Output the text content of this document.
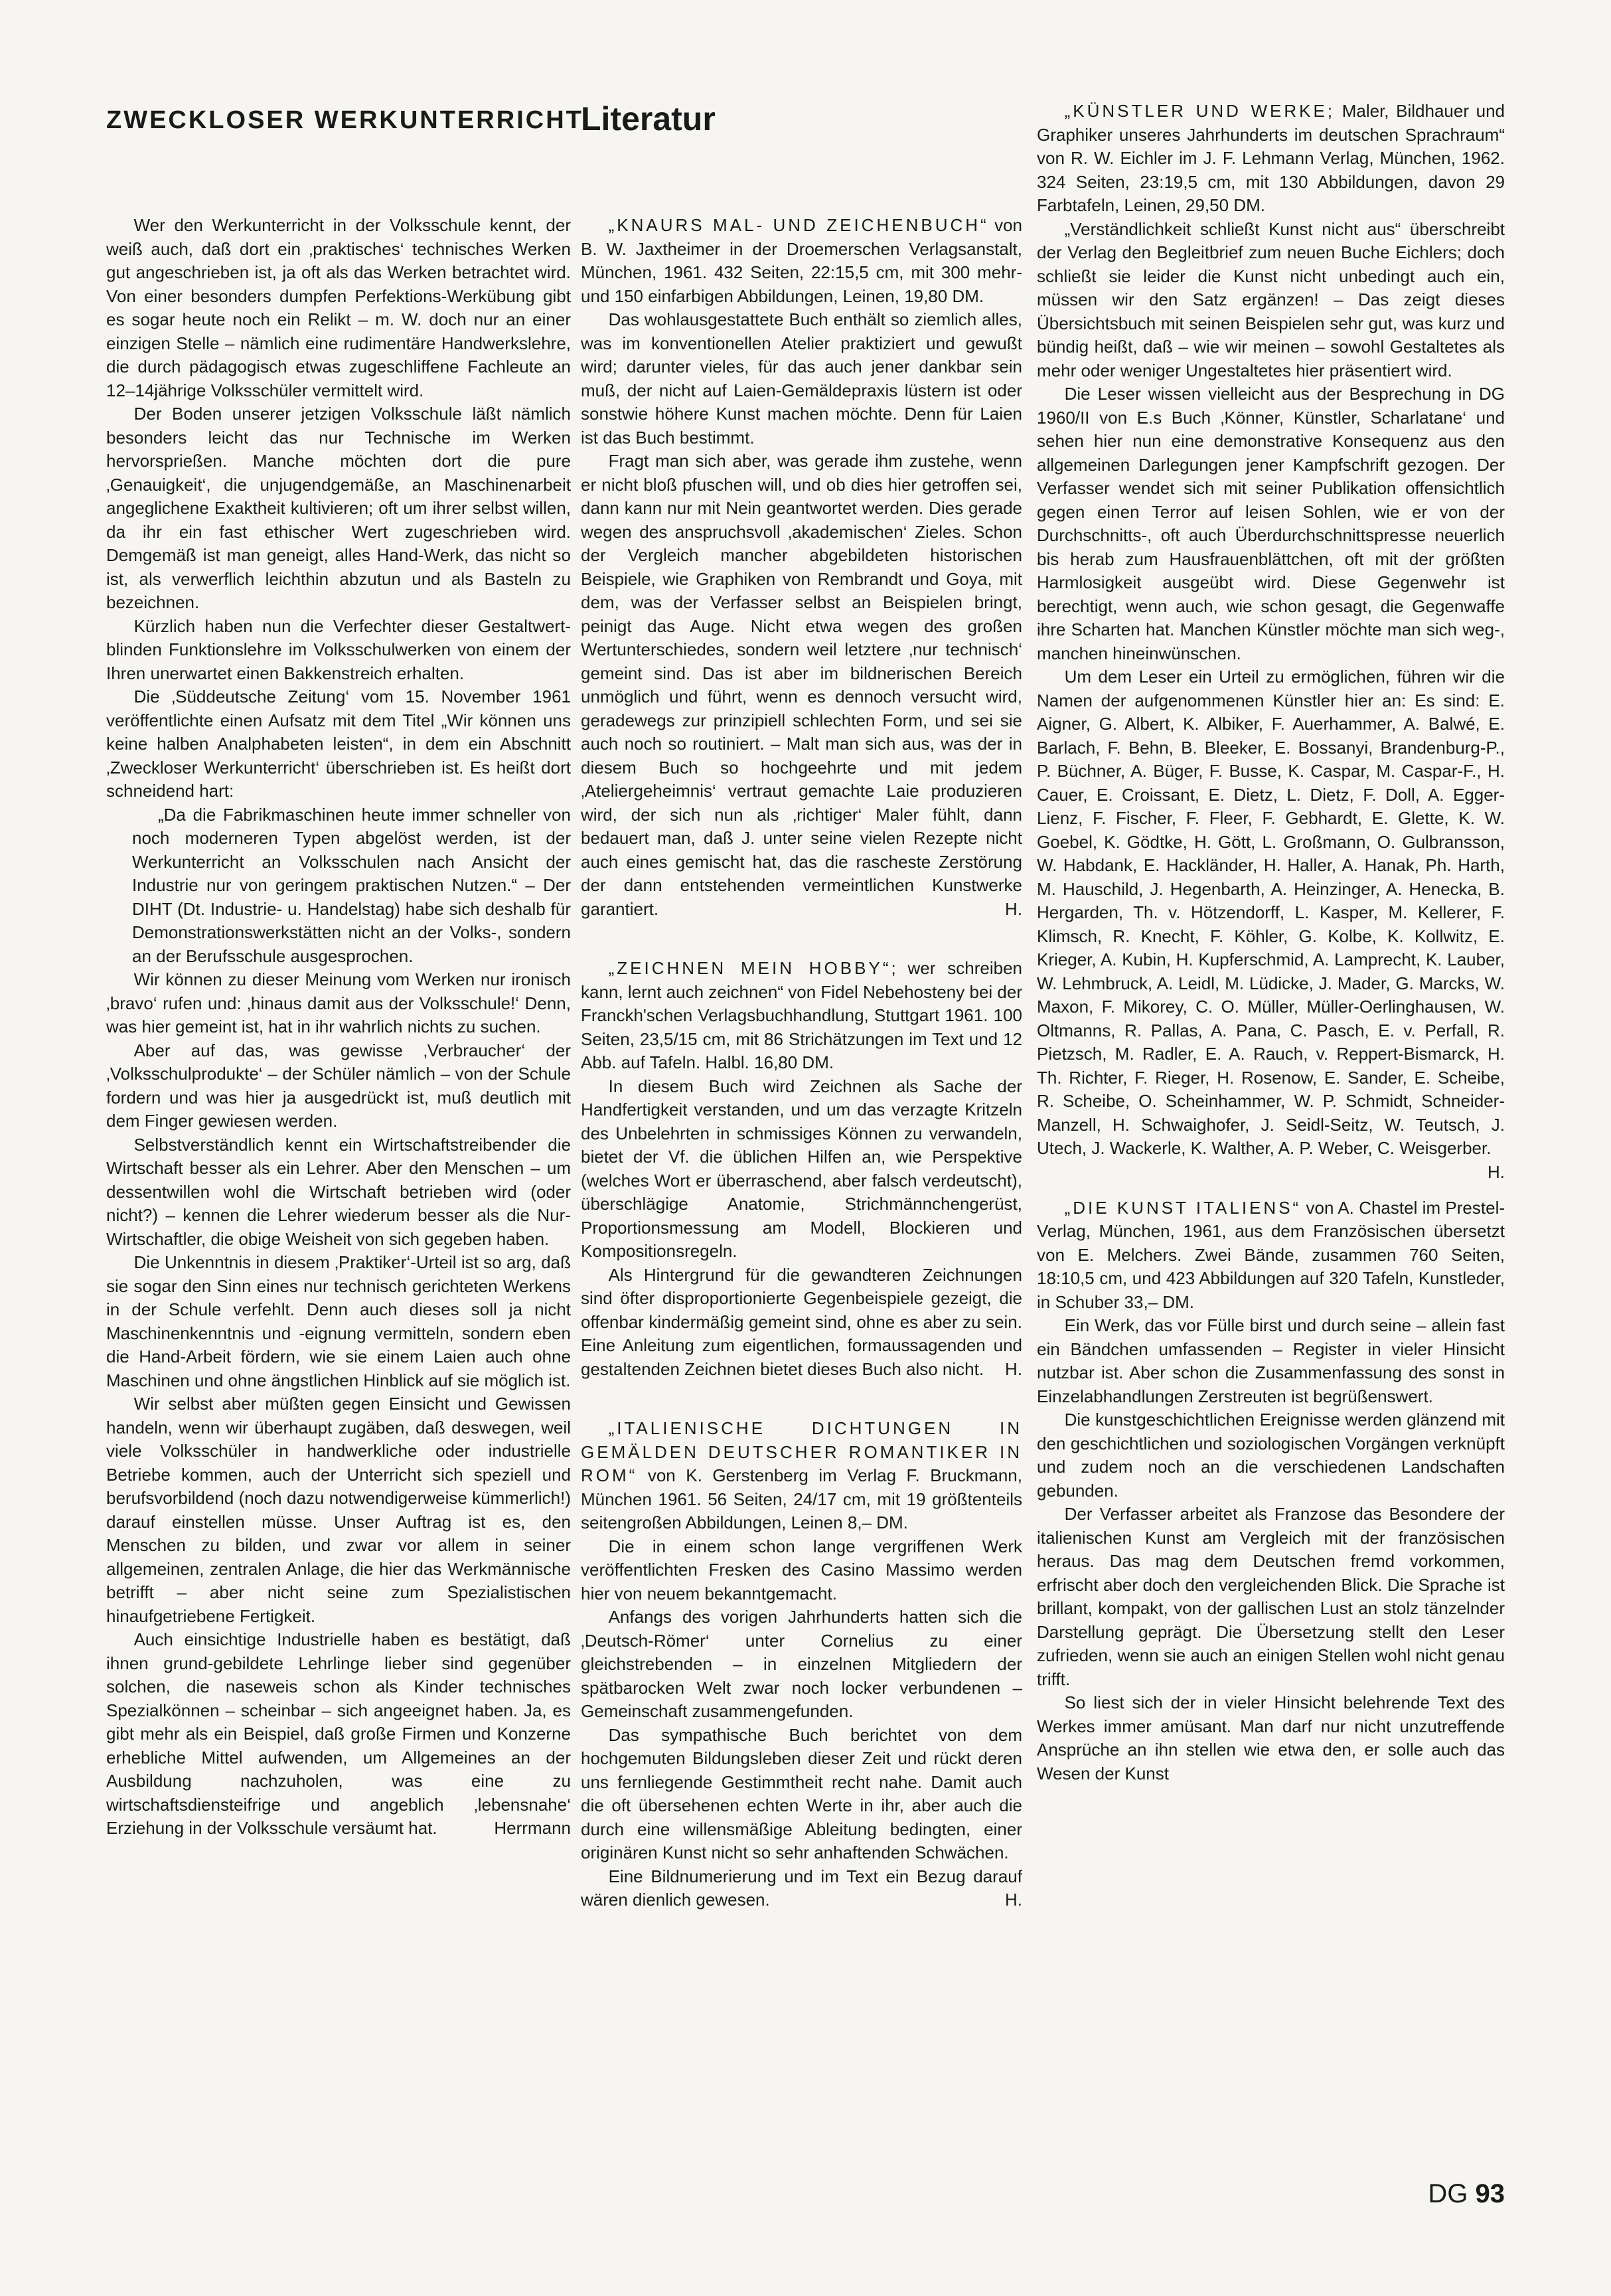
ZWECKLOSER WERKUNTERRICHT
Literatur

Wer den Werkunterricht in der Volksschule kennt, der weiß auch, daß dort ein ‚praktisches‘ technisches Werken gut angeschrieben ist, ja oft als das Werken betrachtet wird. Von einer besonders dumpfen Perfektions-Werkübung gibt es sogar heute noch ein Relikt – m. W. doch nur an einer einzigen Stelle – nämlich eine rudimentäre Handwerkslehre, die durch pädagogisch etwas zugeschliffene Fachleute an 12–14jährige Volksschüler vermittelt wird.

Der Boden unserer jetzigen Volksschule läßt nämlich besonders leicht das nur Technische im Werken hervorsprießen. Manche möchten dort die pure ‚Genauigkeit‘, die unjugendgemäße, an Maschinenarbeit angeglichene Exaktheit kultivieren; oft um ihrer selbst willen, da ihr ein fast ethischer Wert zugeschrieben wird. Demgemäß ist man geneigt, alles Hand-Werk, das nicht so ist, als verwerflich leichthin abzutun und als Basteln zu bezeichnen.

Kürzlich haben nun die Verfechter dieser Gestaltwert-blinden Funktionslehre im Volksschulwerken von einem der Ihren unerwartet einen Bakkenstreich erhalten.

Die ‚Süddeutsche Zeitung‘ vom 15. November 1961 veröffentlichte einen Aufsatz mit dem Titel „Wir können uns keine halben Analphabeten leisten“, in dem ein Abschnitt ‚Zweckloser Werkunterricht‘ überschrieben ist. Es heißt dort schneidend hart:

„Da die Fabrikmaschinen heute immer schneller von noch moderneren Typen abgelöst werden, ist der Werkunterricht an Volksschulen nach Ansicht der Industrie nur von geringem praktischen Nutzen.“ – Der DIHT (Dt. Industrie- u. Handelstag) habe sich deshalb für Demonstrationswerkstätten nicht an der Volks-, sondern an der Berufsschule ausgesprochen.

Wir können zu dieser Meinung vom Werken nur ironisch ‚bravo‘ rufen und: ‚hinaus damit aus der Volksschule!‘ Denn, was hier gemeint ist, hat in ihr wahrlich nichts zu suchen.

Aber auf das, was gewisse ‚Verbraucher‘ der ‚Volksschulprodukte‘ – der Schüler nämlich – von der Schule fordern und was hier ja ausgedrückt ist, muß deutlich mit dem Finger gewiesen werden.

Selbstverständlich kennt ein Wirtschaftstreibender die Wirtschaft besser als ein Lehrer. Aber den Menschen – um dessentwillen wohl die Wirtschaft betrieben wird (oder nicht?) – kennen die Lehrer wiederum besser als die Nur-Wirtschaftler, die obige Weisheit von sich gegeben haben.

Die Unkenntnis in diesem ‚Praktiker‘-Urteil ist so arg, daß sie sogar den Sinn eines nur technisch gerichteten Werkens in der Schule verfehlt. Denn auch dieses soll ja nicht Maschinenkenntnis und -eignung vermitteln, sondern eben die Hand-Arbeit fördern, wie sie einem Laien auch ohne Maschinen und ohne ängstlichen Hinblick auf sie möglich ist.

Wir selbst aber müßten gegen Einsicht und Gewissen handeln, wenn wir überhaupt zugäben, daß deswegen, weil viele Volksschüler in handwerkliche oder industrielle Betriebe kommen, auch der Unterricht sich speziell und berufsvorbildend (noch dazu notwendigerweise kümmerlich!) darauf einstellen müsse. Unser Auftrag ist es, den Menschen zu bilden, und zwar vor allem in seiner allgemeinen, zentralen Anlage, die hier das Werkmännische betrifft – aber nicht seine zum Spezialistischen hinaufgetriebene Fertigkeit.

Auch einsichtige Industrielle haben es bestätigt, daß ihnen grund-gebildete Lehrlinge lieber sind gegenüber solchen, die naseweis schon als Kinder technisches Spezialkönnen – scheinbar – sich angeeignet haben. Ja, es gibt mehr als ein Beispiel, daß große Firmen und Konzerne erhebliche Mittel aufwenden, um Allgemeines an der Ausbildung nachzuholen, was eine zu wirtschaftsdiensteifrige und angeblich ‚lebensnahe‘ Erziehung in der Volksschule versäumt hat.	Herrmann

„KNAURS MAL- UND ZEICHENBUCH“ von B. W. Jaxtheimer in der Droemerschen Verlagsanstalt, München, 1961. 432 Seiten, 22:15,5 cm, mit 300 mehr- und 150 einfarbigen Abbildungen, Leinen, 19,80 DM.

Das wohlausgestattete Buch enthält so ziemlich alles, was im konventionellen Atelier praktiziert und gewußt wird; darunter vieles, für das auch jener dankbar sein muß, der nicht auf Laien-Gemäldepraxis lüstern ist oder sonstwie höhere Kunst machen möchte. Denn für Laien ist das Buch bestimmt.

Fragt man sich aber, was gerade ihm zustehe, wenn er nicht bloß pfuschen will, und ob dies hier getroffen sei, dann kann nur mit Nein geantwortet werden. Dies gerade wegen des anspruchsvoll ‚akademischen‘ Zieles. Schon der Vergleich mancher abgebildeten historischen Beispiele, wie Graphiken von Rembrandt und Goya, mit dem, was der Verfasser selbst an Beispielen bringt, peinigt das Auge. Nicht etwa wegen des großen Wertunterschiedes, sondern weil letztere ‚nur technisch‘ gemeint sind. Das ist aber im bildnerischen Bereich unmöglich und führt, wenn es dennoch versucht wird, geradewegs zur prinzipiell schlechten Form, und sei sie auch noch so routiniert. – Malt man sich aus, was der in diesem Buch so hochgeehrte und mit jedem ‚Ateliergeheimnis‘ vertraut gemachte Laie produzieren wird, der sich nun als ‚richtiger‘ Maler fühlt, dann bedauert man, daß J. unter seine vielen Rezepte nicht auch eines gemischt hat, das die rascheste Zerstörung der dann entstehenden vermeintlichen Kunstwerke garantiert.	H.

„ZEICHNEN MEIN HOBBY“; wer schreiben kann, lernt auch zeichnen“ von Fidel Nebehosteny bei der Franckh'schen Verlagsbuchhandlung, Stuttgart 1961. 100 Seiten, 23,5/15 cm, mit 86 Strichätzungen im Text und 12 Abb. auf Tafeln. Halbl. 16,80 DM.

In diesem Buch wird Zeichnen als Sache der Handfertigkeit verstanden, und um das verzagte Kritzeln des Unbelehrten in schmissiges Können zu verwandeln, bietet der Vf. die üblichen Hilfen an, wie Perspektive (welches Wort er überraschend, aber falsch verdeutscht), überschlägige Anatomie, Strichmännchengerüst, Proportionsmessung am Modell, Blockieren und Kompositionsregeln.

Als Hintergrund für die gewandteren Zeichnungen sind öfter disproportionierte Gegenbeispiele gezeigt, die offenbar kindermäßig gemeint sind, ohne es aber zu sein. Eine Anleitung zum eigentlichen, formaussagenden und gestaltenden Zeichnen bietet dieses Buch also nicht. H.

„ITALIENISCHE DICHTUNGEN IN GEMÄLDEN DEUTSCHER ROMANTIKER IN ROM“ von K. Gerstenberg im Verlag F. Bruckmann, München 1961. 56 Seiten, 24/17 cm, mit 19 größtenteils seitengroßen Abbildungen, Leinen 8,– DM.

Die in einem schon lange vergriffenen Werk veröffentlichten Fresken des Casino Massimo werden hier von neuem bekanntgemacht.

Anfangs des vorigen Jahrhunderts hatten sich die ‚Deutsch-Römer‘ unter Cornelius zu einer gleichstrebenden – in einzelnen Mitgliedern der spätbarocken Welt zwar noch locker verbundenen – Gemeinschaft zusammengefunden.

Das sympathische Buch berichtet von dem hochgemuten Bildungsleben dieser Zeit und rückt deren uns fernliegende Gestimmtheit recht nahe. Damit auch die oft übersehenen echten Werte in ihr, aber auch die durch eine willensmäßige Ableitung bedingten, einer originären Kunst nicht so sehr anhaftenden Schwächen.

Eine Bildnumerierung und im Text ein Bezug darauf wären dienlich gewesen.	H.

„KÜNSTLER UND WERKE; Maler, Bildhauer und Graphiker unseres Jahrhunderts im deutschen Sprachraum“ von R. W. Eichler im J. F. Lehmann Verlag, München, 1962. 324 Seiten, 23:19,5 cm, mit 130 Abbildungen, davon 29 Farbtafeln, Leinen, 29,50 DM.

„Verständlichkeit schließt Kunst nicht aus“ überschreibt der Verlag den Begleitbrief zum neuen Buche Eichlers; doch schließt sie leider die Kunst nicht unbedingt auch ein, müssen wir den Satz ergänzen! – Das zeigt dieses Übersichtsbuch mit seinen Beispielen sehr gut, was kurz und bündig heißt, daß – wie wir meinen – sowohl Gestaltetes als mehr oder weniger Ungestaltetes hier präsentiert wird.

Die Leser wissen vielleicht aus der Besprechung in DG 1960/II von E.s Buch ‚Könner, Künstler, Scharlatane‘ und sehen hier nun eine demonstrative Konsequenz aus den allgemeinen Darlegungen jener Kampfschrift gezogen. Der Verfasser wendet sich mit seiner Publikation offensichtlich gegen einen Terror auf leisen Sohlen, wie er von der Durchschnitts-, oft auch Überdurchschnittspresse neuerlich bis herab zum Hausfrauenblättchen, oft mit der größten Harmlosigkeit ausgeübt wird. Diese Gegenwehr ist berechtigt, wenn auch, wie schon gesagt, die Gegenwaffe ihre Scharten hat. Manchen Künstler möchte man sich weg-, manchen hineinwünschen.

Um dem Leser ein Urteil zu ermöglichen, führen wir die Namen der aufgenommenen Künstler hier an: Es sind: E. Aigner, G. Albert, K. Albiker, F. Auerhammer, A. Balwé, E. Barlach, F. Behn, B. Bleeker, E. Bossanyi, Brandenburg-P., P. Büchner, A. Büger, F. Busse, K. Caspar, M. Caspar-F., H. Cauer, E. Croissant, E. Dietz, L. Dietz, F. Doll, A. Egger-Lienz, F. Fischer, F. Fleer, F. Gebhardt, E. Glette, K. W. Goebel, K. Gödtke, H. Gött, L. Großmann, O. Gulbransson, W. Habdank, E. Hackländer, H. Haller, A. Hanak, Ph. Harth, M. Hauschild, J. Hegenbarth, A. Heinzinger, A. Henecka, B. Hergarden, Th. v. Hötzendorff, L. Kasper, M. Kellerer, F. Klimsch, R. Knecht, F. Köhler, G. Kolbe, K. Kollwitz, E. Krieger, A. Kubin, H. Kupferschmid, A. Lamprecht, K. Lauber, W. Lehmbruck, A. Leidl, M. Lüdicke, J. Mader, G. Marcks, W. Maxon, F. Mikorey, C. O. Müller, Müller-Oerlinghausen, W. Oltmanns, R. Pallas, A. Pana, C. Pasch, E. v. Perfall, R. Pietzsch, M. Radler, E. A. Rauch, v. Reppert-Bismarck, H. Th. Richter, F. Rieger, H. Rosenow, E. Sander, E. Scheibe, R. Scheibe, O. Scheinhammer, W. P. Schmidt, Schneider-Manzell, H. Schwaighofer, J. Seidl-Seitz, W. Teutsch, J. Utech, J. Wackerle, K. Walther, A. P. Weber, C. Weisgerber.
H.

„DIE KUNST ITALIENS“ von A. Chastel im Prestel-Verlag, München, 1961, aus dem Französischen übersetzt von E. Melchers. Zwei Bände, zusammen 760 Seiten, 18:10,5 cm, und 423 Abbildungen auf 320 Tafeln, Kunstleder, in Schuber 33,– DM.

Ein Werk, das vor Fülle birst und durch seine – allein fast ein Bändchen umfassenden – Register in vieler Hinsicht nutzbar ist. Aber schon die Zusammenfassung des sonst in Einzelabhandlungen Zerstreuten ist begrüßenswert.

Die kunstgeschichtlichen Ereignisse werden glänzend mit den geschichtlichen und soziologischen Vorgängen verknüpft und zudem noch an die verschiedenen Landschaften gebunden.

Der Verfasser arbeitet als Franzose das Besondere der italienischen Kunst am Vergleich mit der französischen heraus. Das mag dem Deutschen fremd vorkommen, erfrischt aber doch den vergleichenden Blick. Die Sprache ist brillant, kompakt, von der gallischen Lust an stolz tänzelnder Darstellung geprägt. Die Übersetzung stellt den Leser zufrieden, wenn sie auch an einigen Stellen wohl nicht genau trifft.

So liest sich der in vieler Hinsicht belehrende Text des Werkes immer amüsant. Man darf nur nicht unzutreffende Ansprüche an ihn stellen wie etwa den, er solle auch das Wesen der Kunst

DG 93
